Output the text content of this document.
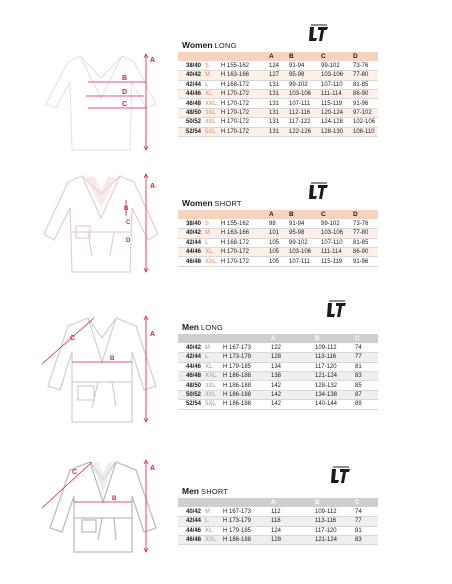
A
B
D
C
Women LONG
			A	B	C	D
38/40	S	H 155-162	124	91-94	99-102	73-76
40/42	M	H 163-166	127	95-98	103-106	77-80
42/44	L	H 168-172	131	99-102	107-110	81-85
44/46	XL	H 170-172	131	103-106	111-114	86-90
46/48	XXL	H 170-172	131	107-111	115-119	91-96
48/50	3XL	H 170-172	131	112-116	120-124	97-102
50/52	4XL	H 170-172	131	117-122	124-128	102-106
52/54	5XL	H 170-172	131	122-126	128-130	106-110
A
B
C
D
Women SHORT
			A	B	C	D
38/40	S	H 155-162	98	91-94	99-102	73-76
40/42	M	H 163-166	101	95-98	103-106	77-80
42/44	L	H 168-172	105	99-102	107-110	81-85
44/46	XL	H 170-172	105	103-106	111-114	86-90
46/48	XXL	H 170-172	105	107-111	115-119	91-96
A
C
B
Men LONG
			A	B	C
40/42	M	H 167-173	122	109-112	74
42/44	L	H 173-179	128	113-116	77
44/46	XL	H 179-185	134	117-120	81
46/48	XXL	H 186-188	138	121-124	83
48/50	3XL	H 186-188	142	128-132	85
50/52	4XL	H 186-188	142	134-138	87
52/54	5XL	H 186-188	142	140-144	89
A
C
B
Men SHORT
			A	B	C
40/42	M	H 167-173	112	109-112	74
42/44	L	H 173-179	118	113-116	77
44/46	XL	H 179-185	124	117-120	81
46/48	XXL	H 186-188	128	121-124	83
